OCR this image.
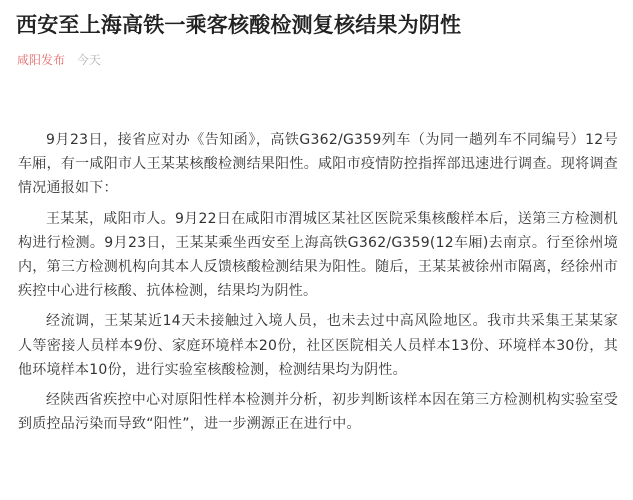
西安至上海高铁一乘客核酸检测复核结果为阴性
咸阳发布 今天

9月23日，接省应对办《告知函》，高铁G362/G359列车（为同一趟列车不同编号）12号车厢，有一咸阳市人王某某核酸检测结果阳性。咸阳市疫情防控指挥部迅速进行调查。现将调查情况通报如下：

王某某，咸阳市人。9月22日在咸阳市渭城区某社区医院采集核酸样本后，送第三方检测机构进行检测。9月23日，王某某乘坐西安至上海高铁G362/G359(12车厢)去南京。行至徐州境内，第三方检测机构向其本人反馈核酸检测结果为阳性。随后，王某某被徐州市隔离，经徐州市疾控中心进行核酸、抗体检测，结果均为阴性。

经流调，王某某近14天未接触过入境人员，也未去过中高风险地区。我市共采集王某某家人等密接人员样本9份、家庭环境样本20份，社区医院相关人员样本13份、环境样本30份，其他环境样本10份，进行实验室核酸检测，检测结果均为阴性。

经陕西省疾控中心对原阳性样本检测并分析，初步判断该样本因在第三方检测机构实验室受到质控品污染而导致“阳性”，进一步溯源正在进行中。
